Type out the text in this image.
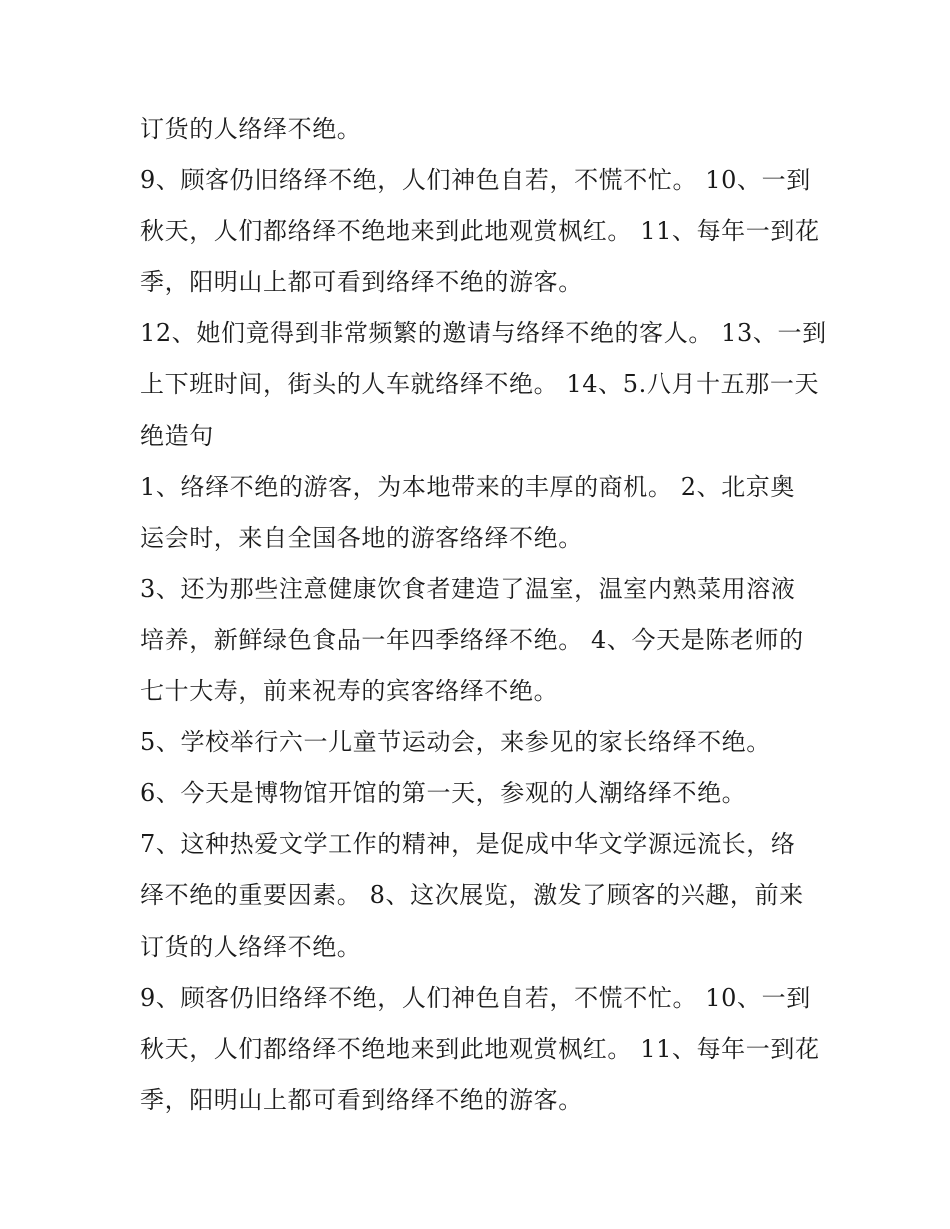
订货的人络绎不绝。
9、顾客仍旧络绎不绝，人们神色自若，不慌不忙。 10、一到
秋天，人们都络绎不绝地来到此地观赏枫红。 11、每年一到花
季，阳明山上都可看到络绎不绝的游客。
12、她们竟得到非常频繁的邀请与络绎不绝的客人。 13、一到
上下班时间，街头的人车就络绎不绝。 14、5.八月十五那一天
绝造句
1、络绎不绝的游客，为本地带来的丰厚的商机。 2、北京奥
运会时，来自全国各地的游客络绎不绝。
3、还为那些注意健康饮食者建造了温室，温室内熟菜用溶液
培养，新鲜绿色食品一年四季络绎不绝。 4、今天是陈老师的
七十大寿，前来祝寿的宾客络绎不绝。
5、学校举行六一儿童节运动会，来参见的家长络绎不绝。
6、今天是博物馆开馆的第一天，参观的人潮络绎不绝。
7、这种热爱文学工作的精神，是促成中华文学源远流长，络
绎不绝的重要因素。 8、这次展览，激发了顾客的兴趣，前来
订货的人络绎不绝。
9、顾客仍旧络绎不绝，人们神色自若，不慌不忙。 10、一到
秋天，人们都络绎不绝地来到此地观赏枫红。 11、每年一到花
季，阳明山上都可看到络绎不绝的游客。
